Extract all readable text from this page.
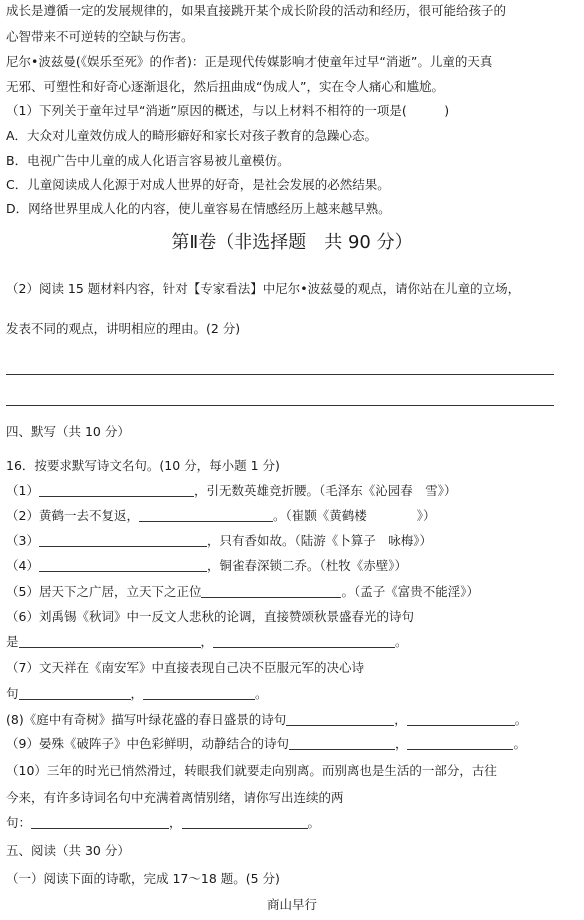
成长是遵循一定的发展规律的，如果直接跳开某个成长阶段的活动和经历，很可能给孩子的
心智带来不可逆转的空缺与伤害。
尼尔•波兹曼(《娱乐至死》的作者)：正是现代传媒影响才使童年过早“消逝”。儿童的天真
无邪、可塑性和好奇心逐渐退化，然后扭曲成“伪成人”，实在令人痛心和尴尬。
（1）下列关于童年过早“消逝”原因的概述，与以上材料不相符的一项是(　　　)
A．大众对儿童效仿成人的畸形癖好和家长对孩子教育的急躁心态。
B．电视广告中儿童的成人化语言容易被儿童模仿。
C．儿童阅读成人化源于对成人世界的好奇，是社会发展的必然结果。
D．网络世界里成人化的内容，使儿童容易在情感经历上越来越早熟。
第Ⅱ卷（非选择题　共 90 分）
（2）阅读 15 题材料内容，针对【专家看法】中尼尔•波兹曼的观点，请你站在儿童的立场，
发表不同的观点，讲明相应的理由。(2 分)
四、默写（共 10 分）
16．按要求默写诗文名句。(10 分，每小题 1 分)
（1）	，引无数英雄竞折腰。（毛泽东《沁园春　雪》）
（2）黄鹤一去不复返，	。（崔颢《黄鹤楼　　　　》）
（3）	，只有香如故。（陆游《卜算子　咏梅》）
（4）	，铜雀春深锁二乔。（杜牧《赤壁》）
（5）居天下之广居，立天下之正位	。（孟子《富贵不能淫》）
（6）刘禹锡《秋词》中一反文人悲秋的论调，直接赞颂秋景盛春光的诗句
是	，	。
（7）文天祥在《南安军》中直接表现自己决不臣服元军的决心诗
句	，	。
(8)《庭中有奇树》描写叶绿花盛的春日盛景的诗句	，	。
（9）晏殊《破阵子》中色彩鲜明，动静结合的诗句	，	。
（10）三年的时光已悄然滑过，转眼我们就要走向别离。而别离也是生活的一部分，古往
今来，有许多诗词名句中充满着离情别绪，请你写出连续的两
句：	，	。
五、阅读（共 30 分）
（一）阅读下面的诗歌，完成 17～18 题。(5 分)
商山早行
